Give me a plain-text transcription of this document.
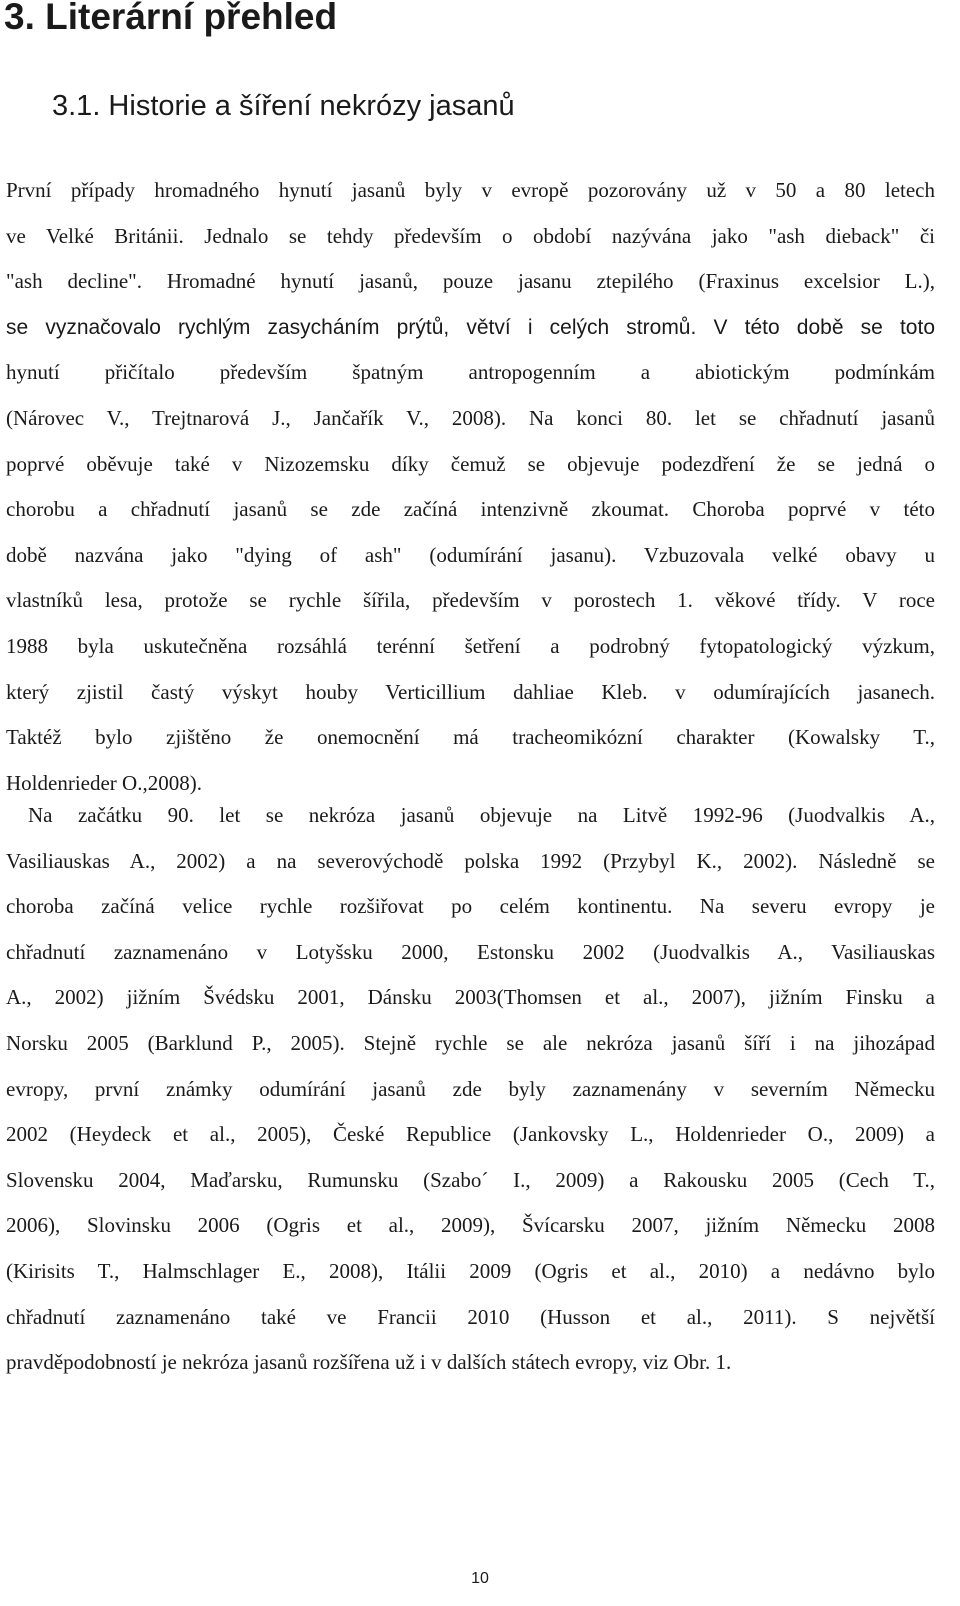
3. Literární přehled
3.1. Historie a šíření nekrózy jasanů
První případy hromadného hynutí jasanů byly v evropě pozorovány už v 50 a 80 letech
ve Velké Británii. Jednalo se tehdy především o období nazývána jako "ash dieback" či
"ash decline". Hromadné hynutí jasanů, pouze jasanu ztepilého (Fraxinus excelsior L.),
se vyznačovalo rychlým zasycháním prýtů, větví i celých stromů. V této době se toto
hynutí přičítalo především špatným antropogenním a abiotickým podmínkám
(Nárovec V., Trejtnarová J., Jančařík V., 2008). Na konci 80. let se chřadnutí jasanů
poprvé oběvuje také v Nizozemsku díky čemuž se objevuje podezdření že se jedná o
chorobu a chřadnutí jasanů se zde začíná intenzivně zkoumat. Choroba poprvé v této
době nazvána jako "dying of ash" (odumírání jasanu). Vzbuzovala velké obavy u
vlastníků lesa, protože se rychle šířila, především v porostech 1. věkové třídy. V roce
1988 byla uskutečněna rozsáhlá terénní šetření a podrobný fytopatologický výzkum,
který zjistil častý výskyt houby Verticillium dahliae Kleb. v odumírajících jasanech.
Taktéž bylo zjištěno že onemocnění má tracheomikózní charakter (Kowalsky T.,
Holdenrieder O.,2008).
Na začátku 90. let se nekróza jasanů objevuje na Litvě 1992-96 (Juodvalkis A.,
Vasiliauskas A., 2002) a na severovýchodě polska 1992 (Przybyl K., 2002). Následně se
choroba začíná velice rychle rozšiřovat po celém kontinentu. Na severu evropy je
chřadnutí zaznamenáno v Lotyšsku 2000, Estonsku 2002 (Juodvalkis A., Vasiliauskas
A., 2002) jižním Švédsku 2001, Dánsku 2003(Thomsen et al., 2007), jižním Finsku a
Norsku 2005 (Barklund P., 2005). Stejně rychle se ale nekróza jasanů šíří i na jihozápad
evropy, první známky odumírání jasanů zde byly zaznamenány v severním Německu
2002 (Heydeck et al., 2005), České Republice (Jankovsky L., Holdenrieder O., 2009) a
Slovensku 2004, Maďarsku, Rumunsku (Szabo´ I., 2009) a Rakousku 2005 (Cech T.,
2006), Slovinsku 2006 (Ogris et al., 2009), Švícarsku 2007, jižním Německu 2008
(Kirisits T., Halmschlager E., 2008), Itálii 2009 (Ogris et al., 2010) a nedávno bylo
chřadnutí zaznamenáno také ve Francii 2010 (Husson et al., 2011). S největší
pravděpodobností je nekróza jasanů rozšířena už i v dalších státech evropy, viz Obr. 1.
10
